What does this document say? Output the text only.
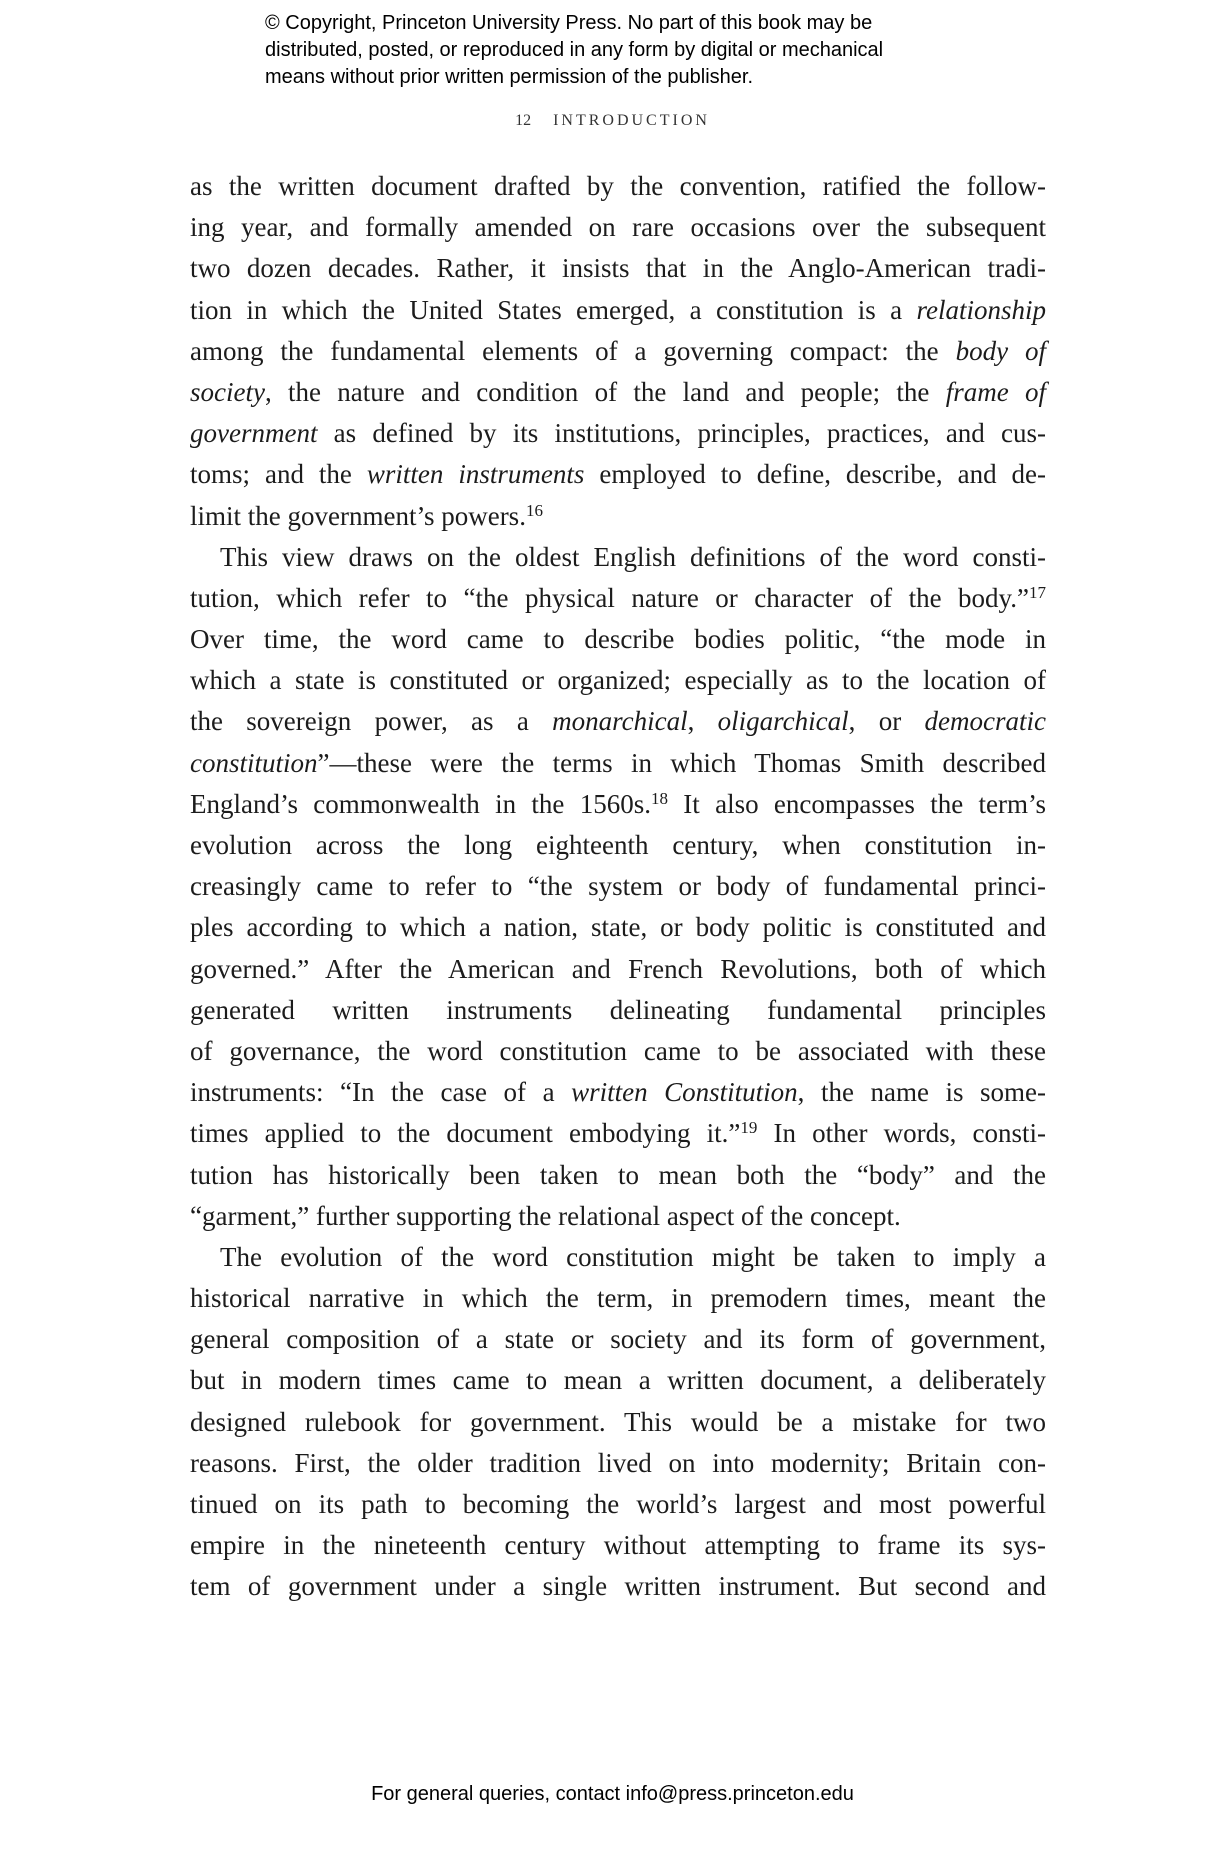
© Copyright, Princeton University Press. No part of this book may be
distributed, posted, or reproduced in any form by digital or mechanical
means without prior written permission of the publisher.
12 INTRODUCTION
as the written document drafted by the convention, ratified the follow-
ing year, and formally amended on rare occasions over the subsequent
two dozen decades. Rather, it insists that in the Anglo-American tradi-
tion in which the United States emerged, a constitution is a relationship
among the fundamental elements of a governing compact: the body of
society, the nature and condition of the land and people; the frame of
government as defined by its institutions, principles, practices, and cus-
toms; and the written instruments employed to define, describe, and de-
limit the government’s powers.$^{16}$
This view draws on the oldest English definitions of the word consti-
tution, which refer to “the physical nature or character of the body.”$^{17}$
Over time, the word came to describe bodies politic, “the mode in
which a state is constituted or organized; especially as to the location of
the sovereign power, as a monarchical, oligarchical, or democratic
constitution”—these were the terms in which Thomas Smith described
England’s commonwealth in the 1560s.$^{18}$ It also encompasses the term’s
evolution across the long eighteenth century, when constitution in-
creasingly came to refer to “the system or body of fundamental princi-
ples according to which a nation, state, or body politic is constituted and
governed.” After the American and French Revolutions, both of which
generated written instruments delineating fundamental principles
of governance, the word constitution came to be associated with these
instruments: “In the case of a written Constitution, the name is some-
times applied to the document embodying it.”$^{19}$ In other words, consti-
tution has historically been taken to mean both the “body” and the
“garment,” further supporting the relational aspect of the concept.
The evolution of the word constitution might be taken to imply a
historical narrative in which the term, in premodern times, meant the
general composition of a state or society and its form of government,
but in modern times came to mean a written document, a deliberately
designed rulebook for government. This would be a mistake for two
reasons. First, the older tradition lived on into modernity; Britain con-
tinued on its path to becoming the world’s largest and most powerful
empire in the nineteenth century without attempting to frame its sys-
tem of government under a single written instrument. But second and
For general queries, contact info@press.princeton.edu
